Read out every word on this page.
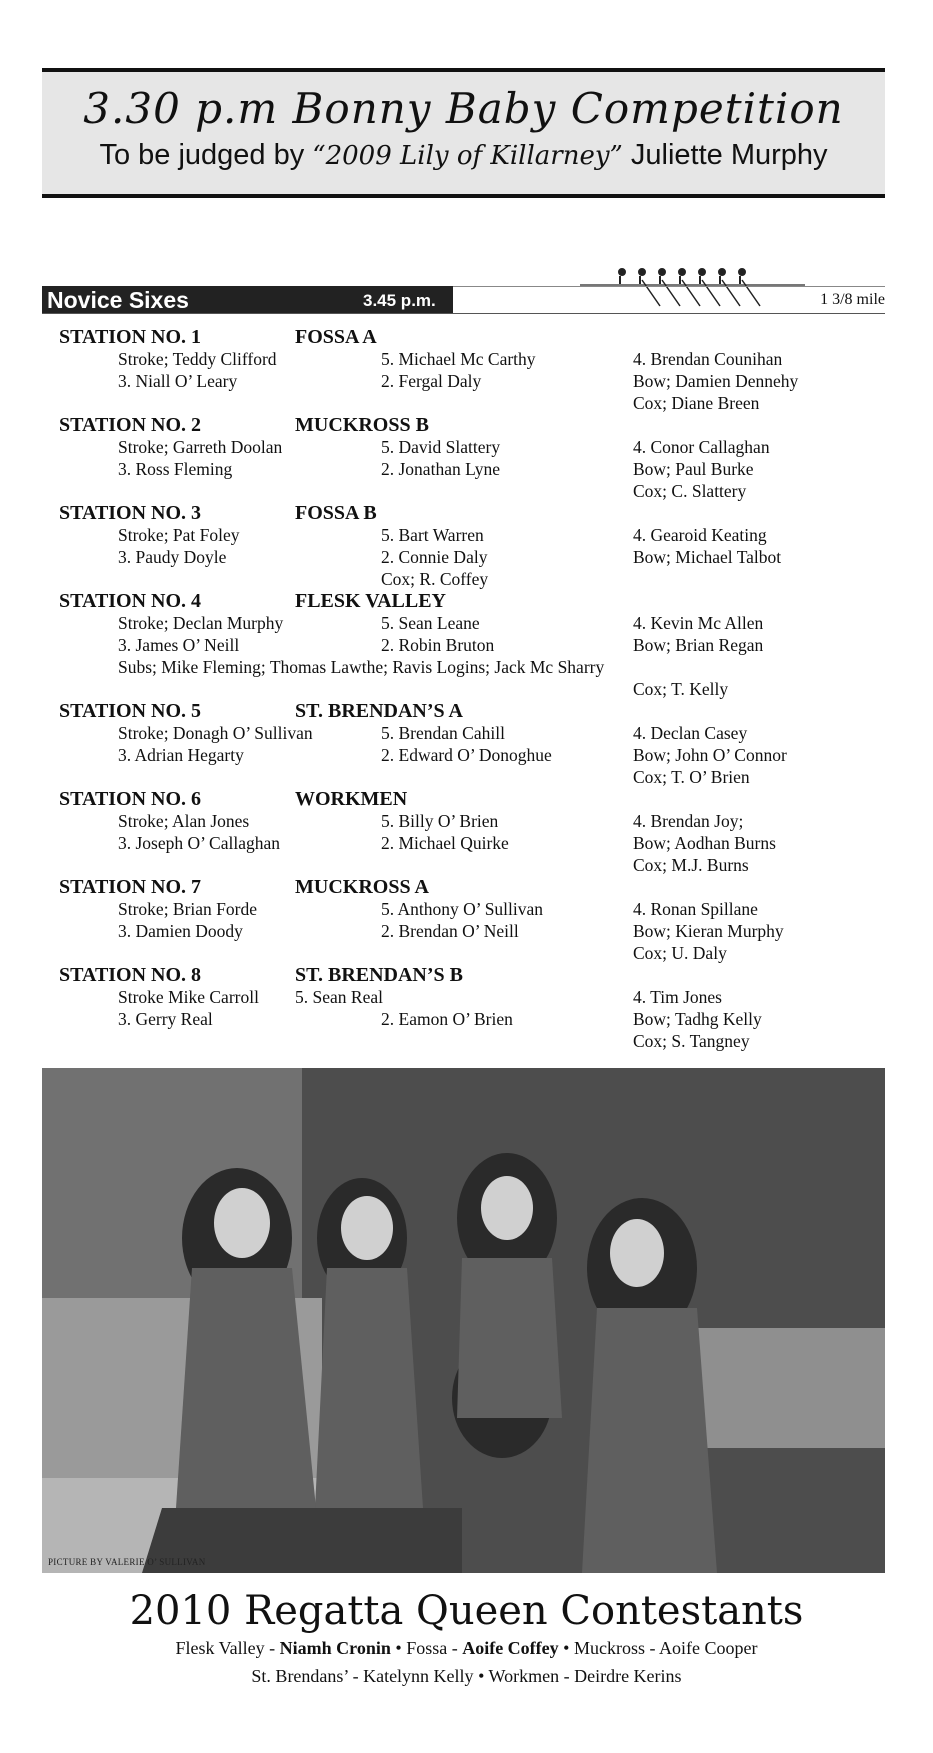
3.30 p.m Bonny Baby Competition
To be judged by “2009 Lily of Killarney” Juliette Murphy
Novice Sixes	3.45 p.m.	1 3/8 mile
STATION NO. 1	FOSSA A
Stroke; Teddy Clifford	5. Michael Mc Carthy	4. Brendan Counihan
3. Niall O’ Leary	2. Fergal Daly	Bow; Damien Dennehy
Cox; Diane Breen
STATION NO. 2	MUCKROSS B
Stroke; Garreth Doolan	5. David Slattery	4. Conor Callaghan
3. Ross Fleming	2. Jonathan Lyne	Bow; Paul Burke
Cox; C. Slattery
STATION NO. 3	FOSSA B
Stroke; Pat Foley	5. Bart Warren	4. Gearoid Keating
3. Paudy Doyle	2. Connie Daly	Bow; Michael Talbot
Cox; R. Coffey
STATION NO. 4	FLESK VALLEY
Stroke; Declan Murphy	5. Sean Leane	4. Kevin Mc Allen
3. James O’ Neill	2. Robin Bruton	Bow; Brian Regan
Subs; Mike Fleming; Thomas Lawthe; Ravis Logins; Jack Mc Sharry
Cox; T. Kelly
STATION NO. 5	ST. BRENDAN’S A
Stroke; Donagh O’ Sullivan	5. Brendan Cahill	4. Declan Casey
3. Adrian Hegarty	2. Edward O’ Donoghue	Bow; John O’ Connor
Cox; T. O’ Brien
STATION NO. 6	WORKMEN
Stroke; Alan Jones	5. Billy O’ Brien	4. Brendan Joy;
3. Joseph O’ Callaghan	2. Michael Quirke	Bow; Aodhan Burns
Cox; M.J. Burns
STATION NO. 7	MUCKROSS A
Stroke; Brian Forde	5. Anthony O’ Sullivan	4. Ronan Spillane
3. Damien Doody	2. Brendan O’ Neill	Bow; Kieran Murphy
Cox; U. Daly
STATION NO. 8	ST. BRENDAN’S B
Stroke Mike Carroll 5. Sean Real	4. Tim Jones
3. Gerry Real	2. Eamon O’ Brien	Bow; Tadhg Kelly
Cox; S. Tangney
PICTURE BY VALERIE O’ SULLIVAN
2010 Regatta Queen Contestants
Flesk Valley - Niamh Cronin • Fossa - Aoife Coffey • Muckross - Aoife Cooper
St. Brendans’ - Katelynn Kelly • Workmen - Deirdre Kerins
